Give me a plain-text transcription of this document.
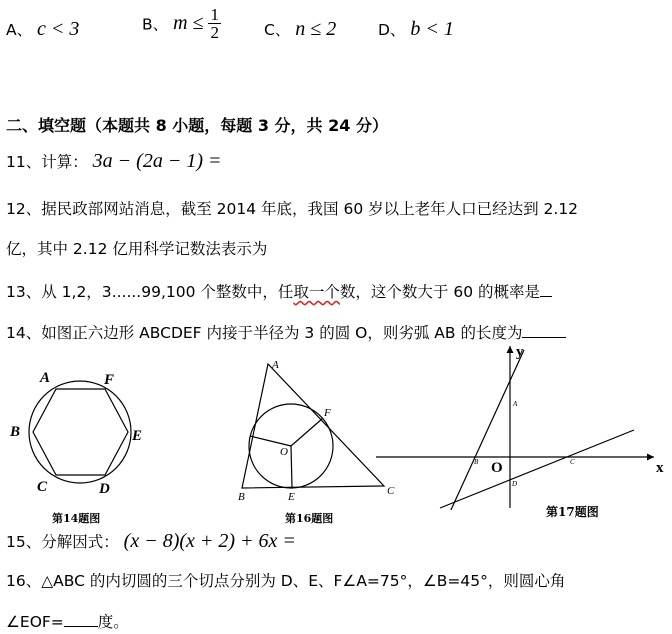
A、 c < 3	B、 $m \le \frac{1}{2}$	C、 n ≤ 2	D、 b < 1
二、填空题（本题共 8 小题，每题 3 分，共 24 分）
11、计算： 3a − (2a − 1) =
12、据民政部网站消息，截至 2014 年底，我国 60 岁以上老年人口已经达到 2.12
亿，其中 2.12 亿用科学记数法表示为
13、从 1,2，3......99,100 个整数中，任取一个数，这个数大于 60 的概率是
14、如图正六边形 ABCDEF 内接于半径为 3 的圆 O，则劣弧 AB 的长度为
A	F
B	E
C	D
第14题图
A
F
O
B	E	C
第16题图
y
x
O
A
B	C
D
第17题图
15、分解因式： (x − 8)(x + 2) + 6x =
16、△ABC 的内切圆的三个切点分别为 D、E、F∠A=75°，∠B=45°，则圆心角
∠EOF= 度。
